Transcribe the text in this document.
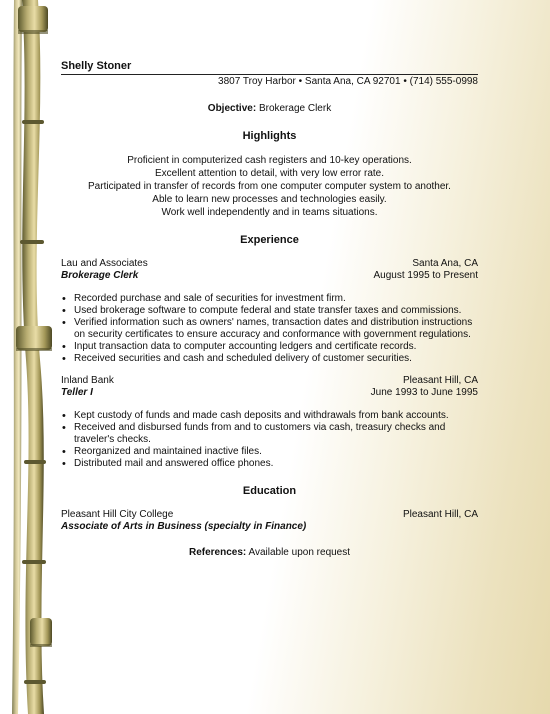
Shelly Stoner
3807 Troy Harbor • Santa Ana, CA 92701 • (714) 555-0998
Objective: Brokerage Clerk
Highlights
Proficient in computerized cash registers and 10-key operations.
Excellent attention to detail, with very low error rate.
Participated in transfer of records from one computer computer system to another.
Able to learn new processes and technologies easily.
Work well independently and in teams situations.
Experience
Lau and Associates	Santa Ana, CA
Brokerage Clerk	August 1995 to Present
• Recorded purchase and sale of securities for investment firm.
• Used brokerage software to compute federal and state transfer taxes and commissions.
• Verified information such as owners' names, transaction dates and distribution instructions on security certificates to ensure accuracy and conformance with government regulations.
• Input transaction data to computer accounting ledgers and certificate records.
• Received securities and cash and scheduled delivery of customer securities.
Inland Bank	Pleasant Hill, CA
Teller I	June 1993 to June 1995
• Kept custody of funds and made cash deposits and withdrawals from bank accounts.
• Received and disbursed funds from and to customers via cash, treasury checks and traveler's checks.
• Reorganized and maintained inactive files.
• Distributed mail and answered office phones.
Education
Pleasant Hill City College	Pleasant Hill, CA
Associate of Arts in Business (specialty in Finance)
References: Available upon request
